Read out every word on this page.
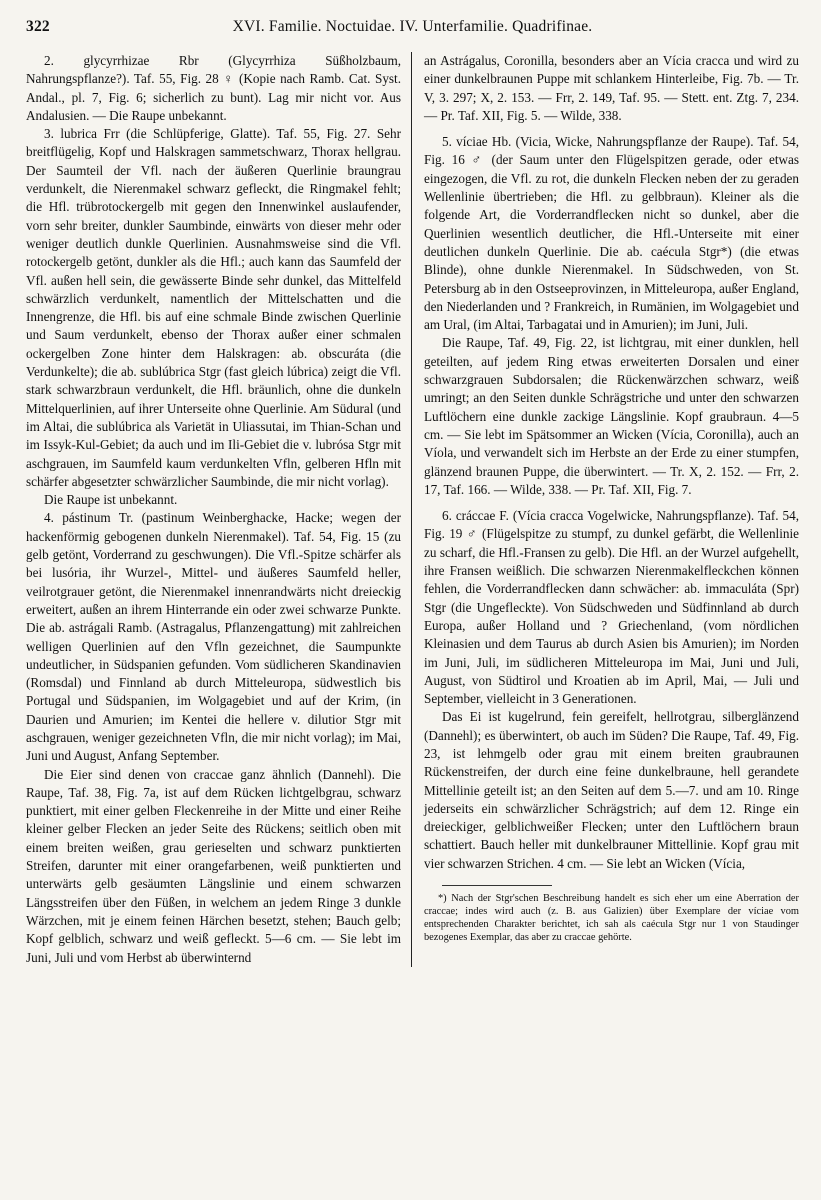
322	XVI. Familie. Noctuidae. IV. Unterfamilie. Quadrifinae.

2. glycyrrhizae Rbr (Glycyrrhiza Süßholzbaum, Nahrungspflanze?). Taf. 55, Fig. 28 ♀ (Kopie nach Ramb. Cat. Syst. Andal., pl. 7, Fig. 6; sicherlich zu bunt). Lag mir nicht vor. Aus Andalusien. — Die Raupe unbekannt.

3. lubrica Frr (die Schlüpferige, Glatte). Taf. 55, Fig. 27. Sehr breitflügelig, Kopf und Halskragen sammetschwarz, Thorax hellgrau. Der Saumteil der Vfl. nach der äußeren Querlinie braungrau verdunkelt, die Nierenmakel schwarz gefleckt, die Ringmakel fehlt; die Hfl. trübrotockergelb mit gegen den Innenwinkel auslaufender, vorn sehr breiter, dunkler Saumbinde, einwärts von dieser mehr oder weniger deutlich dunkle Querlinien. Ausnahmsweise sind die Vfl. rotockergelb getönt, dunkler als die Hfl.; auch kann das Saumfeld der Vfl. außen hell sein, die gewässerte Binde sehr dunkel, das Mittelfeld schwärzlich verdunkelt, namentlich der Mittelschatten und die Innengrenze, die Hfl. bis auf eine schmale Binde zwischen Querlinie und Saum verdunkelt, ebenso der Thorax außer einer schmalen ockergelben Zone hinter dem Halskragen: ab. obscuráta (die Verdunkelte); die ab. sublúbrica Stgr (fast gleich lúbrica) zeigt die Vfl. stark schwarzbraun verdunkelt, die Hfl. bräunlich, ohne die dunkeln Mittelquerlinien, auf ihrer Unterseite ohne Querlinie. Am Südural (und im Altai, die sublúbrica als Varietät in Uliassutai, im Thian-Schan und im Issyk-Kul-Gebiet; da auch und im Ili-Gebiet die v. lubrósa Stgr mit aschgrauen, im Saumfeld kaum verdunkelten Vfln, gelberen Hfln mit schärfer abgesetzter schwärzlicher Saumbinde, die mir nicht vorlag).

Die Raupe ist unbekannt.

4. pástinum Tr. (pastinum Weinberghacke, Hacke; wegen der hackenförmig gebogenen dunkeln Nierenmakel). Taf. 54, Fig. 15 (zu gelb getönt, Vorderrand zu geschwungen). Die Vfl.-Spitze schärfer als bei lusória, ihr Wurzel-, Mittel- und äußeres Saumfeld heller, veilrotgrauer getönt, die Nierenmakel innenrandwärts nicht dreieckig erweitert, außen an ihrem Hinterrande ein oder zwei schwarze Punkte. Die ab. astrágali Ramb. (Astragalus, Pflanzengattung) mit zahlreichen welligen Querlinien auf den Vfln gezeichnet, die Saumpunkte undeutlicher, in Südspanien gefunden. Vom südlicheren Skandinavien (Romsdal) und Finnland ab durch Mitteleuropa, südwestlich bis Portugal und Südspanien, im Wolgagebiet und auf der Krim, (in Daurien und Amurien; im Kentei die hellere v. dilutior Stgr mit aschgrauen, weniger gezeichneten Vfln, die mir nicht vorlag); im Mai, Juni und August, Anfang September.

Die Eier sind denen von craccae ganz ähnlich (Dannehl). Die Raupe, Taf. 38, Fig. 7a, ist auf dem Rücken lichtgelbgrau, schwarz punktiert, mit einer gelben Fleckenreihe in der Mitte und einer Reihe kleiner gelber Flecken an jeder Seite des Rückens; seitlich oben mit einem breiten weißen, grau gerieselten und schwarz punktierten Streifen, darunter mit einer orangefarbenen, weiß punktierten und unterwärts gelb gesäumten Längslinie und einem schwarzen Längsstreifen über den Füßen, in welchem an jedem Ringe 3 dunkle Wärzchen, mit je einem feinen Härchen besetzt, stehen; Bauch gelb; Kopf gelblich, schwarz und weiß gefleckt. 5—6 cm. — Sie lebt im Juni, Juli und vom Herbst ab überwinternd

an Astrágalus, Coronilla, besonders aber an Vícia cracca und wird zu einer dunkelbraunen Puppe mit schlankem Hinterleibe, Fig. 7b. — Tr. V, 3. 297; X, 2. 153. — Frr, 2. 149, Taf. 95. — Stett. ent. Ztg. 7, 234. — Pr. Taf. XII, Fig. 5. — Wilde, 338.

5. víciae Hb. (Vicia, Wicke, Nahrungspflanze der Raupe). Taf. 54, Fig. 16 ♂ (der Saum unter den Flügelspitzen gerade, oder etwas eingezogen, die Vfl. zu rot, die dunkeln Flecken neben der zu geraden Wellenlinie übertrieben; die Hfl. zu gelbbraun). Kleiner als die folgende Art, die Vorderrandflecken nicht so dunkel, aber die Querlinien wesentlich deutlicher, die Hfl.-Unterseite mit einer deutlichen dunkeln Querlinie. Die ab. caécula Stgr*) (die etwas Blinde), ohne dunkle Nierenmakel. In Südschweden, von St. Petersburg ab in den Ostseeprovinzen, in Mitteleuropa, außer England, den Niederlanden und ? Frankreich, in Rumänien, im Wolgagebiet und am Ural, (im Altai, Tarbagatai und in Amurien); im Juni, Juli.

Die Raupe, Taf. 49, Fig. 22, ist lichtgrau, mit einer dunklen, hell geteilten, auf jedem Ring etwas erweiterten Dorsalen und einer schwarzgrauen Subdorsalen; die Rückenwärzchen schwarz, weiß umringt; an den Seiten dunkle Schrägstriche und unter den schwarzen Luftlöchern eine dunkle zackige Längslinie. Kopf graubraun. 4—5 cm. — Sie lebt im Spätsommer an Wicken (Vícia, Coronilla), auch an Víola, und verwandelt sich im Herbste an der Erde zu einer stumpfen, glänzend braunen Puppe, die überwintert. — Tr. X, 2. 152. — Frr, 2. 17, Taf. 166. — Wilde, 338. — Pr. Taf. XII, Fig. 7.

6. cráccae F. (Vícia cracca Vogelwicke, Nahrungspflanze). Taf. 54, Fig. 19 ♂ (Flügelspitze zu stumpf, zu dunkel gefärbt, die Wellenlinie zu scharf, die Hfl.-Fransen zu gelb). Die Hfl. an der Wurzel aufgehellt, ihre Fransen weißlich. Die schwarzen Nierenmakelfleckchen können fehlen, die Vorderrandflecken dann schwächer: ab. immaculáta (Spr) Stgr (die Ungefleckte). Von Südschweden und Südfinnland ab durch Europa, außer Holland und ? Griechenland, (vom nördlichen Kleinasien und dem Taurus ab durch Asien bis Amurien); im Norden im Juni, Juli, im südlicheren Mitteleuropa im Mai, Juni und Juli, August, von Südtirol und Kroatien ab im April, Mai, — Juli und September, vielleicht in 3 Generationen.

Das Ei ist kugelrund, fein gereifelt, hellrotgrau, silberglänzend (Dannehl); es überwintert, ob auch im Süden? Die Raupe, Taf. 49, Fig. 23, ist lehmgelb oder grau mit einem breiten graubraunen Rückenstreifen, der durch eine feine dunkelbraune, hell gerandete Mittellinie geteilt ist; an den Seiten auf dem 5.—7. und am 10. Ringe jederseits ein schwärzlicher Schrägstrich; auf dem 12. Ringe ein dreieckiger, gelblichweißer Flecken; unter den Luftlöchern braun schattiert. Bauch heller mit dunkelbrauner Mittellinie. Kopf grau mit vier schwarzen Strichen. 4 cm. — Sie lebt an Wicken (Vícia,

*) Nach der Stgr'schen Beschreibung handelt es sich eher um eine Aberration der craccae; indes wird auch (z. B. aus Galizien) über Exemplare der víciae vom entsprechenden Charakter berichtet, ich sah als caécula Stgr nur 1 von Staudinger bezogenes Exemplar, das aber zu craccae gehörte.
